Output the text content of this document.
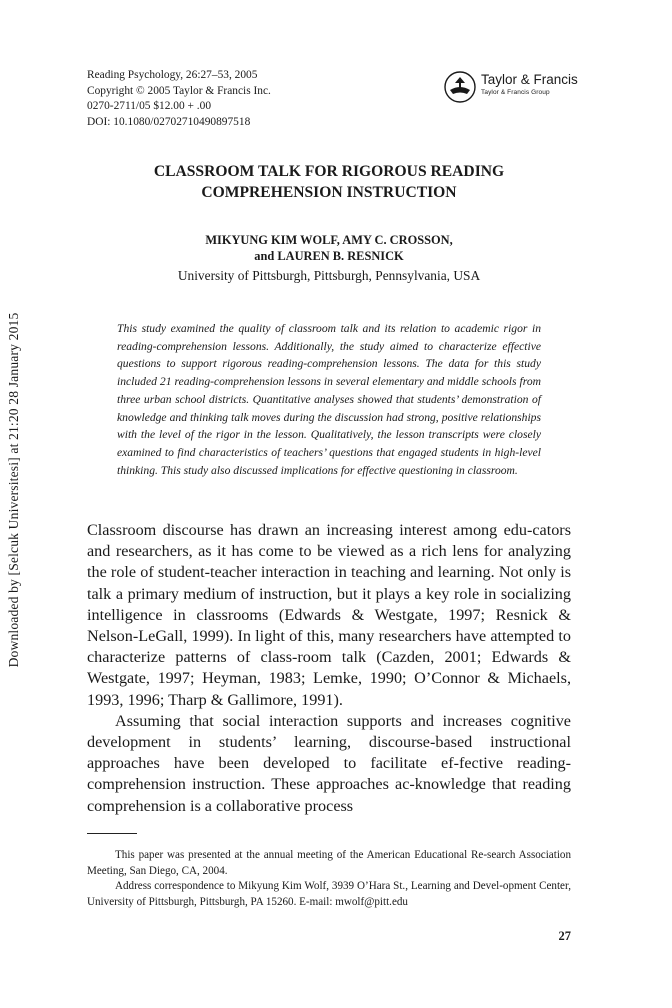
Downloaded by [Selcuk Universitesi] at 21:20 28 January 2015
Reading Psychology, 26:27–53, 2005
Copyright © 2005 Taylor & Francis Inc.
0270-2711/05 $12.00 + .00
DOI: 10.1080/02702710490897518
Taylor & Francis
Taylor & Francis Group
CLASSROOM TALK FOR RIGOROUS READING
COMPREHENSION INSTRUCTION
MIKYUNG KIM WOLF, AMY C. CROSSON,
and LAUREN B. RESNICK
University of Pittsburgh, Pittsburgh, Pennsylvania, USA
This study examined the quality of classroom talk and its relation to academic rigor in reading-comprehension lessons. Additionally, the study aimed to characterize effective questions to support rigorous reading-comprehension lessons. The data for this study included 21 reading-comprehension lessons in several elementary and middle schools from three urban school districts. Quantitative analyses showed that students’ demonstration of knowledge and thinking talk moves during the discussion had strong, positive relationships with the level of the rigor in the lesson. Qualitatively, the lesson transcripts were closely examined to find characteristics of teachers’ questions that engaged students in high-level thinking. This study also discussed implications for effective questioning in classroom.

Classroom discourse has drawn an increasing interest among edu-cators and researchers, as it has come to be viewed as a rich lens for analyzing the role of student-teacher interaction in teaching and learning. Not only is talk a primary medium of instruction, but it plays a key role in socializing intelligence in classrooms (Edwards & Westgate, 1997; Resnick & Nelson-LeGall, 1999). In light of this, many researchers have attempted to characterize patterns of class-room talk (Cazden, 2001; Edwards & Westgate, 1997; Heyman, 1983; Lemke, 1990; O’Connor & Michaels, 1993, 1996; Tharp & Gallimore, 1991).

Assuming that social interaction supports and increases cognitive development in students’ learning, discourse-based instructional approaches have been developed to facilitate ef-fective reading-comprehension instruction. These approaches ac-knowledge that reading comprehension is a collaborative process

This paper was presented at the annual meeting of the American Educational Re-search Association Meeting, San Diego, CA, 2004.

Address correspondence to Mikyung Kim Wolf, 3939 O’Hara St., Learning and Devel-opment Center, University of Pittsburgh, Pittsburgh, PA 15260. E-mail: mwolf@pitt.edu

27
